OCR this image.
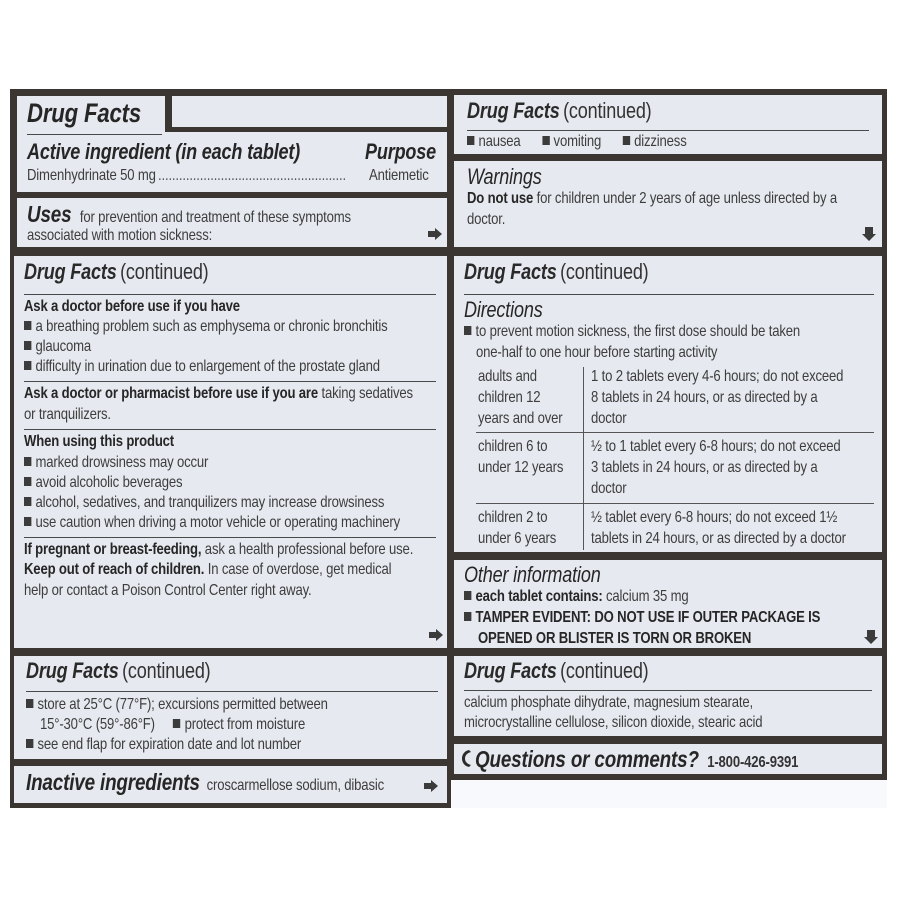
Drug Facts
Active ingredient (in each tablet)	Purpose
Dimenhydrinate 50 mg ...................................................... Antiemetic
Uses for prevention and treatment of these symptoms
associated with motion sickness:
Drug Facts (continued)
nausea vomiting dizziness
Warnings
Do not use for children under 2 years of age unless directed by a
doctor.
Drug Facts (continued)
Ask a doctor before use if you have
a breathing problem such as emphysema or chronic bronchitis
glaucoma
difficulty in urination due to enlargement of the prostate gland
Ask a doctor or pharmacist before use if you are taking sedatives
or tranquilizers.
When using this product
marked drowsiness may occur
avoid alcoholic beverages
alcohol, sedatives, and tranquilizers may increase drowsiness
use caution when driving a motor vehicle or operating machinery
If pregnant or breast-feeding, ask a health professional before use.
Keep out of reach of children. In case of overdose, get medical
help or contact a Poison Control Center right away.
Drug Facts (continued)
Directions
to prevent motion sickness, the first dose should be taken
one-half to one hour before starting activity
adults and
children 12
years and over
1 to 2 tablets every 4-6 hours; do not exceed
8 tablets in 24 hours, or as directed by a
doctor
children 6 to
under 12 years
½ to 1 tablet every 6-8 hours; do not exceed
3 tablets in 24 hours, or as directed by a
doctor
children 2 to
under 6 years
½ tablet every 6-8 hours; do not exceed 1½
tablets in 24 hours, or as directed by a doctor
Other information
each tablet contains: calcium 35 mg
TAMPER EVIDENT: DO NOT USE IF OUTER PACKAGE IS
OPENED OR BLISTER IS TORN OR BROKEN
Drug Facts (continued)
store at 25°C (77°F); excursions permitted between
15°-30°C (59°-86°F) protect from moisture
see end flap for expiration date and lot number
Inactive ingredients croscarmellose sodium, dibasic
Drug Facts (continued)
calcium phosphate dihydrate, magnesium stearate,
microcrystalline cellulose, silicon dioxide, stearic acid
Questions or comments? 1-800-426-9391
